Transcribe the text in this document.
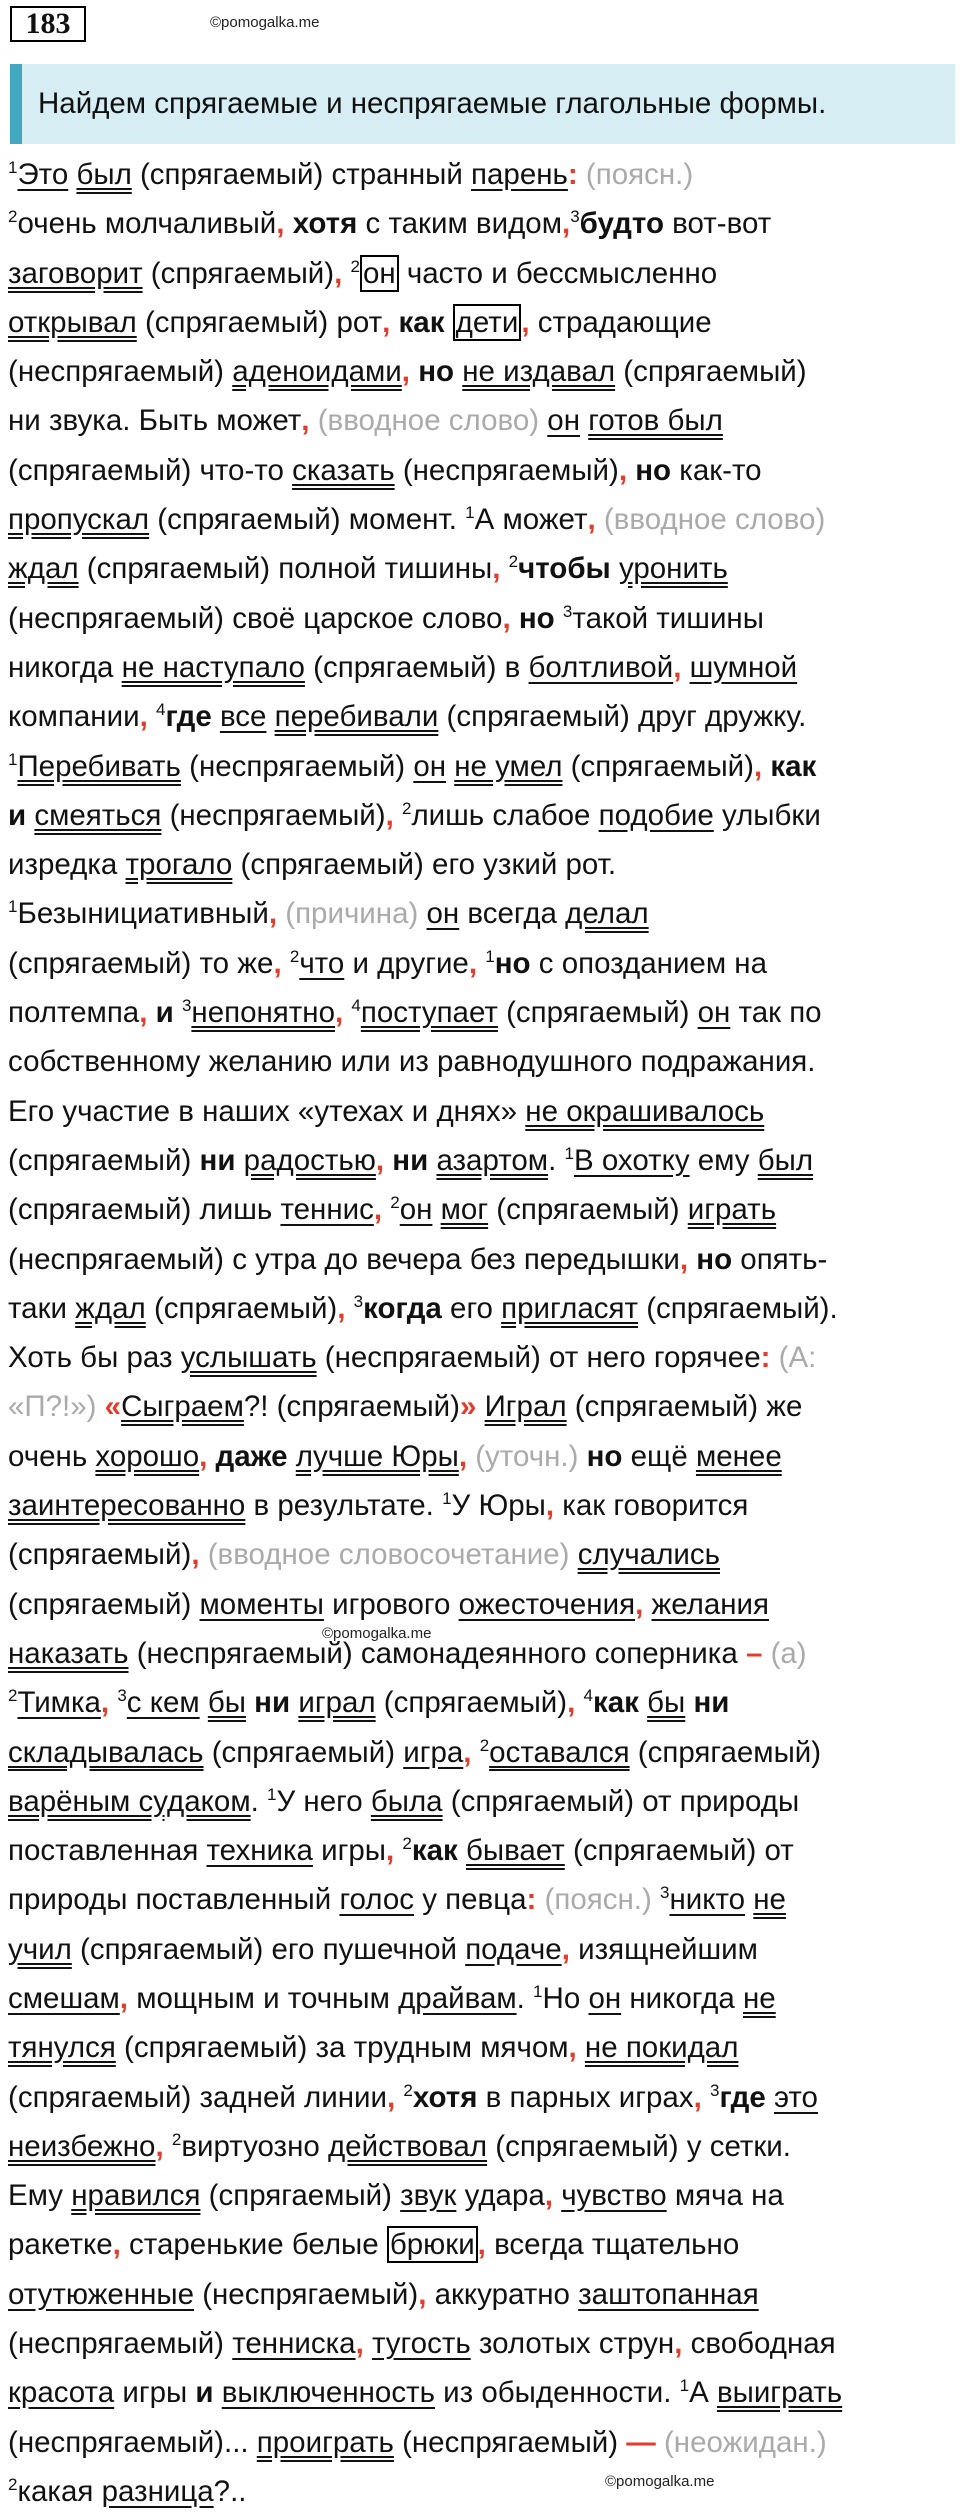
183	©pomogalka.me
Найдем спрягаемые и неспрягаемые глагольные формы.
$^1$Это был (спрягаемый) странный парень: (поясн.)
$^2$очень молчаливый, хотя с таким видом,$^3$будто вот-вот
заговорит (спрягаемый), $^2$ он часто и бессмысленно
открывал (спрягаемый) рот, как дети , страдающие
(неспрягаемый) аденоидами, но не издавал (спрягаемый)
ни звука. Быть может, (вводное слово) он готов был
(спрягаемый) что-то сказать (неспрягаемый), но как-то
пропускал (спрягаемый) момент. $^1$А может, (вводное слово)
ждал (спрягаемый) полной тишины, $^2$чтобы уронить
(неспрягаемый) своё царское слово, но $^3$такой тишины
никогда не наступало (спрягаемый) в болтливой, шумной
компании, $^4$где все перебивали (спрягаемый) друг дружку.
$^1$Перебивать (неспрягаемый) он не умел (спрягаемый), как
и смеяться (неспрягаемый), $^2$лишь слабое подобие улыбки
изредка трогало (спрягаемый) его узкий рот.
$^1$Безынициативный, (причина) он всегда делал
(спрягаемый) то же, $^2$что и другие, $^1$но с опозданием на
полтемпа, и $^3$непонятно, $^4$поступает (спрягаемый) он так по
собственному желанию или из равнодушного подражания.
Его участие в наших «утехах и днях» не окрашивалось
(спрягаемый) ни радостью, ни азартом. $^1$В охотку ему был
(спрягаемый) лишь теннис, $^2$он мог (спрягаемый) играть
(неспрягаемый) с утра до вечера без передышки, но опять-
таки ждал (спрягаемый), $^3$когда его пригласят (спрягаемый).
Хоть бы раз услышать (неспрягаемый) от него горячее: (А:
«П?!») «Сыграем?! (спрягаемый)» Играл (спрягаемый) же
очень хорошо, даже лучше Юры, (уточн.) но ещё менее
заинтересованно в результате. $^1$У Юры, как говорится
(спрягаемый), (вводное словосочетание) случались
(спрягаемый) моменты игрового ожесточения, желания
наказать (неспрягаемый) самонадеянного соперника – (а)
$^2$Тимка, $^3$с кем бы ни играл (спрягаемый), $^4$как бы ни
складывалась (спрягаемый) игра, $^2$оставался (спрягаемый)
варёным судаком. $^1$У него была (спрягаемый) от природы
поставленная техника игры, $^2$как бывает (спрягаемый) от
природы поставленный голос у певца: (поясн.) $^3$никто не
учил (спрягаемый) его пушечной подаче, изящнейшим
смешам, мощным и точным драйвам. $^1$Но он никогда не
тянулся (спрягаемый) за трудным мячом, не покидал
(спрягаемый) задней линии, $^2$хотя в парных играх, $^3$где это
неизбежно, $^2$виртуозно действовал (спрягаемый) у сетки.
Ему нравился (спрягаемый) звук удара, чувство мяча на
ракетке, старенькие белые брюки , всегда тщательно
отутюженные (неспрягаемый), аккуратно заштопанная
(неспрягаемый) тенниска, тугость золотых струн, свободная
красота игры и выключенность из обыденности. $^1$А выиграть
(неспрягаемый)... проиграть (неспрягаемый) — (неожидан.)
$^2$какая разница?..
©pomogalka.me
©pomogalka.me
